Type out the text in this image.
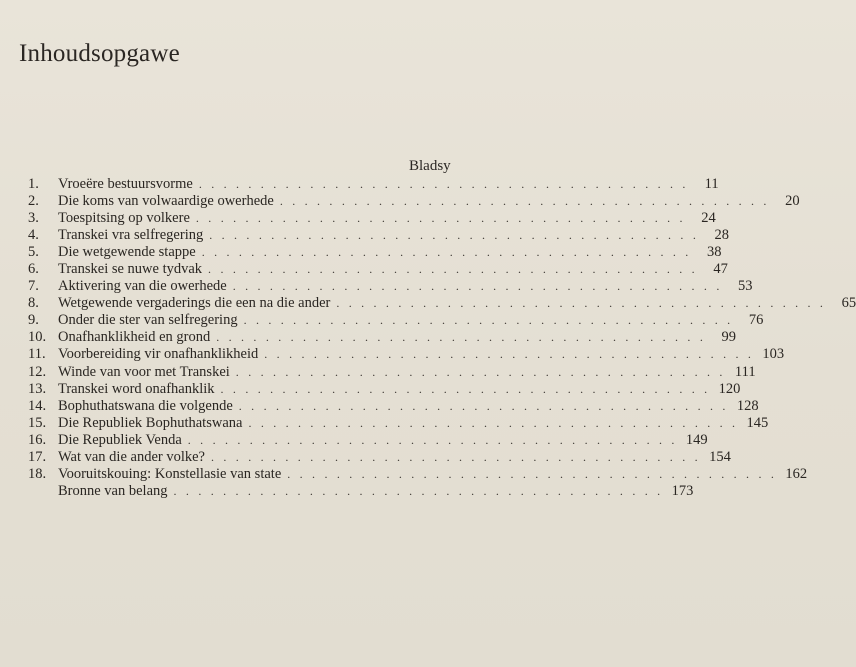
Inhoudsopgawe
Bladsy
1.	Vroeëre bestuursvorme . . . . . . . . . . . . . . . . . . . . . . . . . . . . . . . . . . . . . . . .	11
2.	Die koms van volwaardige owerhede . . . . . . . . . . . . . . . . . . . . . . . . . . . . . . . . . . . . . . . .	20
3.	Toespitsing op volkere . . . . . . . . . . . . . . . . . . . . . . . . . . . . . . . . . . . . . . . .	24
4.	Transkei vra selfregering . . . . . . . . . . . . . . . . . . . . . . . . . . . . . . . . . . . . . . . .	28
5.	Die wetgewende stappe . . . . . . . . . . . . . . . . . . . . . . . . . . . . . . . . . . . . . . . .	38
6.	Transkei se nuwe tydvak . . . . . . . . . . . . . . . . . . . . . . . . . . . . . . . . . . . . . . . .	47
7.	Aktivering van die owerhede . . . . . . . . . . . . . . . . . . . . . . . . . . . . . . . . . . . . . . . .	53
8.	Wetgewende vergaderings die een na die ander . . . . . . . . . . . . . . . . . . . . . . . . . . . . . . . . . . . . . . . .	65
9.	Onder die ster van selfregering . . . . . . . . . . . . . . . . . . . . . . . . . . . . . . . . . . . . . . . .	76
10. Onafhanklikheid en grond . . . . . . . . . . . . . . . . . . . . . . . . . . . . . . . . . . . . . . . .	99
11. Voorbereiding vir onafhanklikheid . . . . . . . . . . . . . . . . . . . . . . . . . . . . . . . . . . . . . . . . 103
12. Winde van voor met Transkei . . . . . . . . . . . . . . . . . . . . . . . . . . . . . . . . . . . . . . . . 111
13. Transkei word onafhanklik . . . . . . . . . . . . . . . . . . . . . . . . . . . . . . . . . . . . . . . . 120
14. Bophuthatswana die volgende . . . . . . . . . . . . . . . . . . . . . . . . . . . . . . . . . . . . . . . . 128
15. Die Republiek Bophuthatswana . . . . . . . . . . . . . . . . . . . . . . . . . . . . . . . . . . . . . . . . 145
16. Die Republiek Venda . . . . . . . . . . . . . . . . . . . . . . . . . . . . . . . . . . . . . . . . 149
17. Wat van die ander volke? . . . . . . . . . . . . . . . . . . . . . . . . . . . . . . . . . . . . . . . . 154
18. Vooruitskouing: Konstellasie van state . . . . . . . . . . . . . . . . . . . . . . . . . . . . . . . . . . . . . . . . 162
Bronne van belang . . . . . . . . . . . . . . . . . . . . . . . . . . . . . . . . . . . . . . . . 173
